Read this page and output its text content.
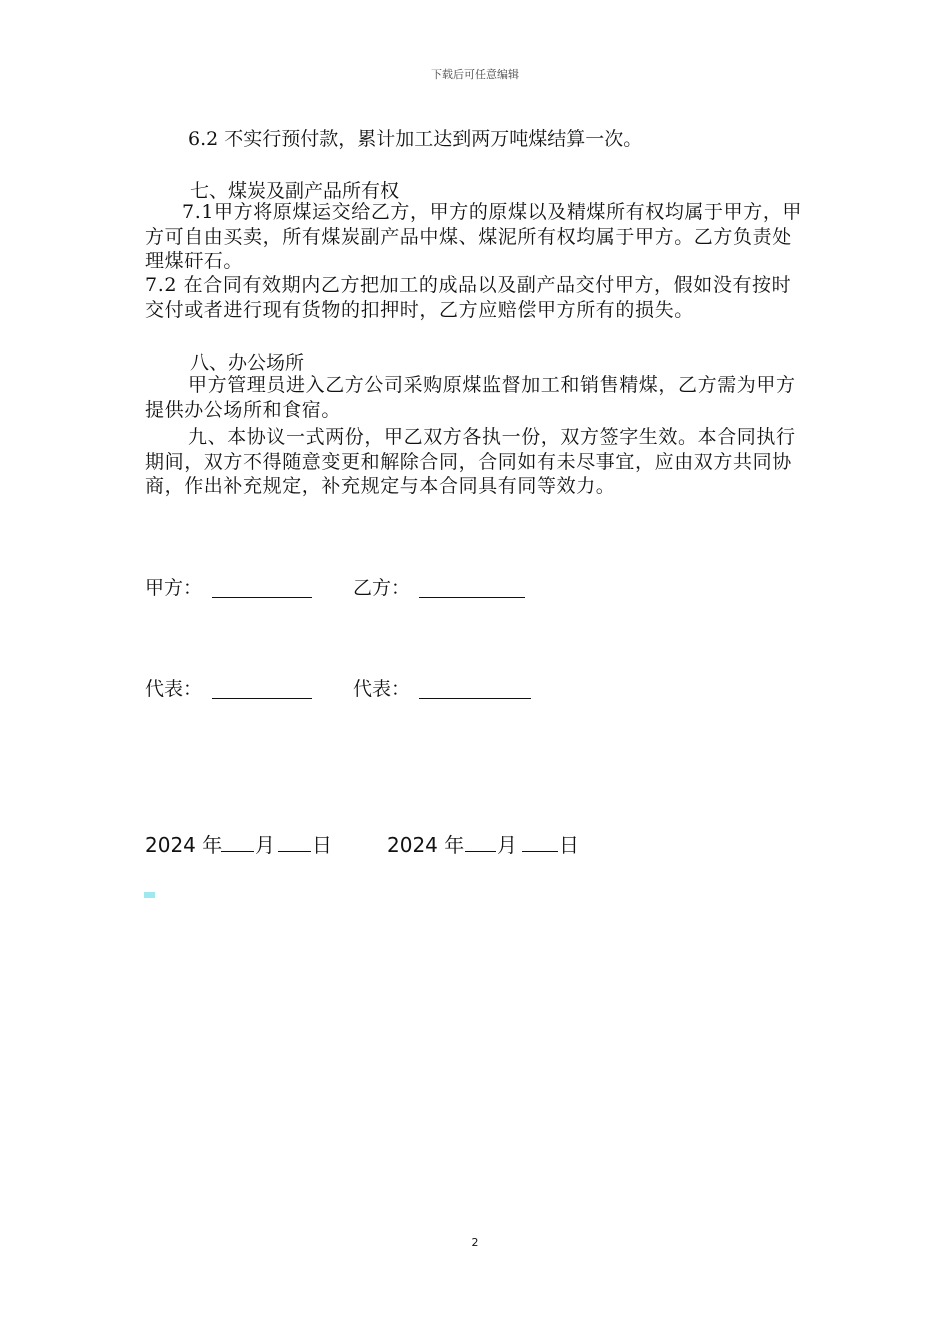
下载后可任意编辑
6.2 不实行预付款，累计加工达到两万吨煤结算一次。
七、煤炭及副产品所有权
7.1甲方将原煤运交给乙方，甲方的原煤以及精煤所有权均属于甲方，甲方可自由买卖，所有煤炭副产品中煤、煤泥所有权均属于甲方。乙方负责处理煤矸石。
7.2 在合同有效期内乙方把加工的成品以及副产品交付甲方，假如没有按时交付或者进行现有货物的扣押时，乙方应赔偿甲方所有的损失。
八、办公场所
甲方管理员进入乙方公司采购原煤监督加工和销售精煤，乙方需为甲方提供办公场所和食宿。
九、本协议一式两份，甲乙双方各执一份，双方签字生效。本合同执行期间，双方不得随意变更和解除合同，合同如有未尽事宜，应由双方共同协商，作出补充规定，补充规定与本合同具有同等效力。
甲方：	乙方：
代表：	代表：
2024 年 月 日	2024 年 月 日
2
